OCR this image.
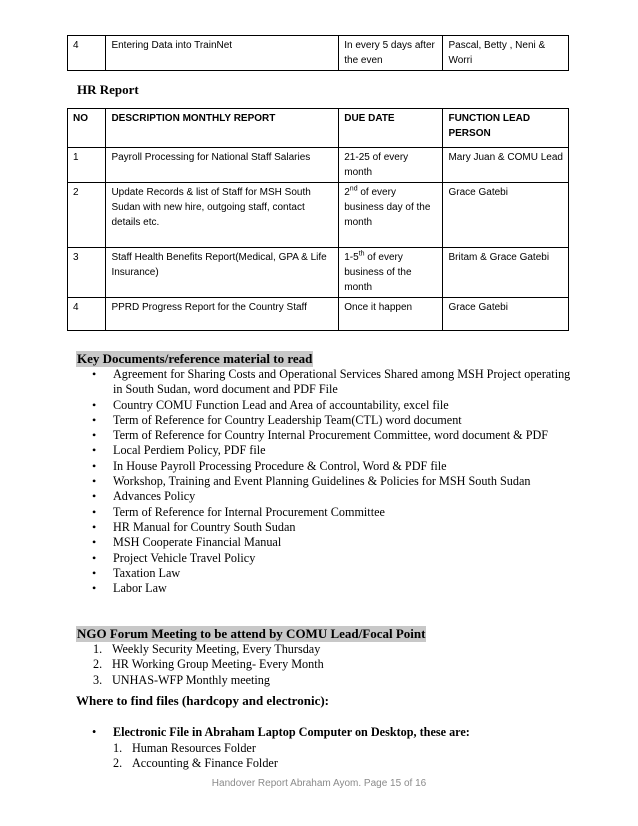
4	Entering Data into TrainNet	In every 5 days after the even	Pascal, Betty , Neni & Worri
HR Report
NO	DESCRIPTION MONTHLY REPORT	DUE DATE	FUNCTION LEAD PERSON
1	Payroll Processing for National Staff Salaries	21-25 of every month	Mary Juan & COMU Lead
2	Update Records & list of Staff for MSH South Sudan with new hire, outgoing staff, contact details etc.	2nd of every business day of the month	Grace Gatebi
3	Staff Health Benefits Report(Medical, GPA & Life Insurance)	1-5th of every business of the month	Britam & Grace Gatebi
4	PPRD Progress Report for the Country Staff	Once it happen	Grace Gatebi
Key Documents/reference material to read
• Agreement for Sharing Costs and Operational Services Shared among MSH Project operating in South Sudan, word document and PDF File
• Country COMU Function Lead and Area of accountability, excel file
• Term of Reference for Country Leadership Team(CTL) word document
• Term of Reference for Country Internal Procurement Committee, word document & PDF
• Local Perdiem Policy, PDF file
• In House Payroll Processing Procedure & Control, Word & PDF file
• Workshop, Training and Event Planning Guidelines & Policies for MSH South Sudan
• Advances Policy
• Term of Reference for Internal Procurement Committee
• HR Manual for Country South Sudan
• MSH Cooperate Financial Manual
• Project Vehicle Travel Policy
• Taxation Law
• Labor Law
NGO Forum Meeting to be attend by COMU Lead/Focal Point
1. Weekly Security Meeting, Every Thursday
2. HR Working Group Meeting- Every Month
3. UNHAS-WFP Monthly meeting
Where to find files (hardcopy and electronic):
• Electronic File in Abraham Laptop Computer on Desktop, these are:
1. Human Resources Folder
2. Accounting & Finance Folder
Handover Report Abraham Ayom. Page 15 of 16
